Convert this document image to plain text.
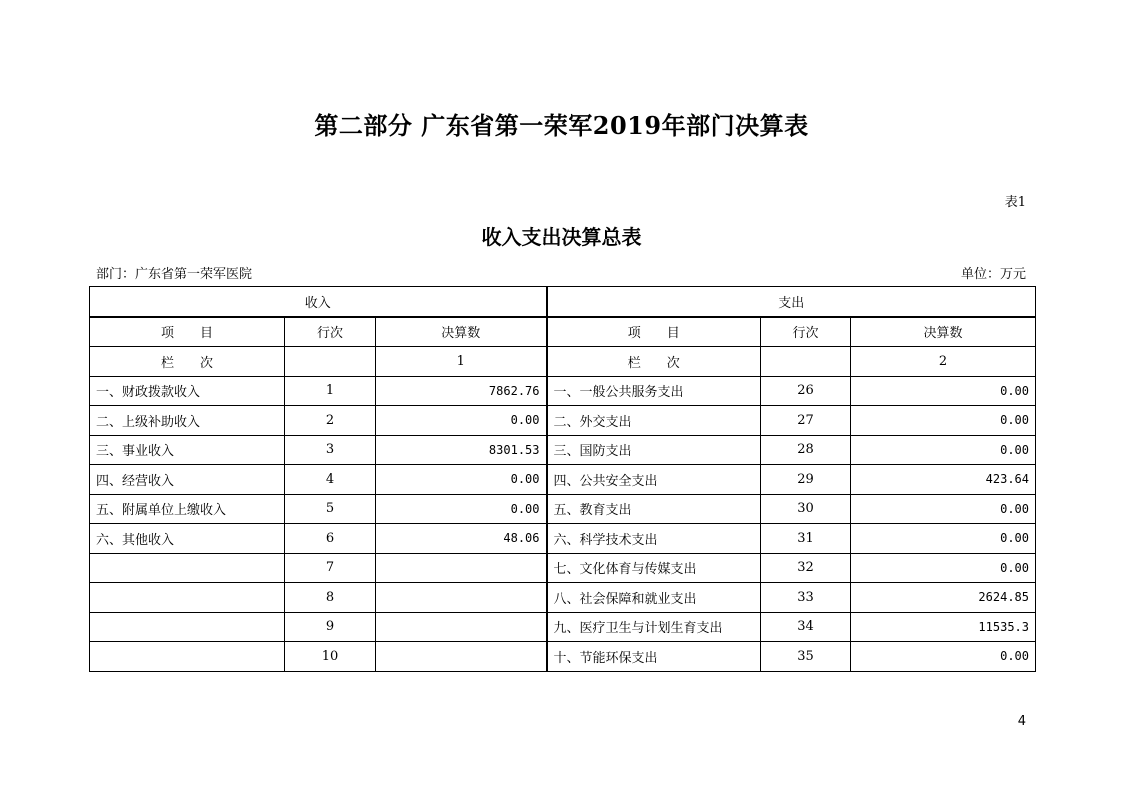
第二部分 广东省第一荣军2019年部门决算表
表1
收入支出决算总表
部门：广东省第一荣军医院	单位：万元
收入			支出		
项　　目	行次	决算数	项　　目	行次	决算数
栏　　次		1	栏　　次		2
一、财政拨款收入	1	7862.76	一、一般公共服务支出	26	0.00
二、上级补助收入	2	0.00	二、外交支出	27	0.00
三、事业收入	3	8301.53	三、国防支出	28	0.00
四、经营收入	4	0.00	四、公共安全支出	29	423.64
五、附属单位上缴收入	5	0.00	五、教育支出	30	0.00
六、其他收入	6	48.06	六、科学技术支出	31	0.00
	7		七、文化体育与传媒支出	32	0.00
	8		八、社会保障和就业支出	33	2624.85
	9		九、医疗卫生与计划生育支出	34	11535.3
	10		十、节能环保支出	35	0.00
4
